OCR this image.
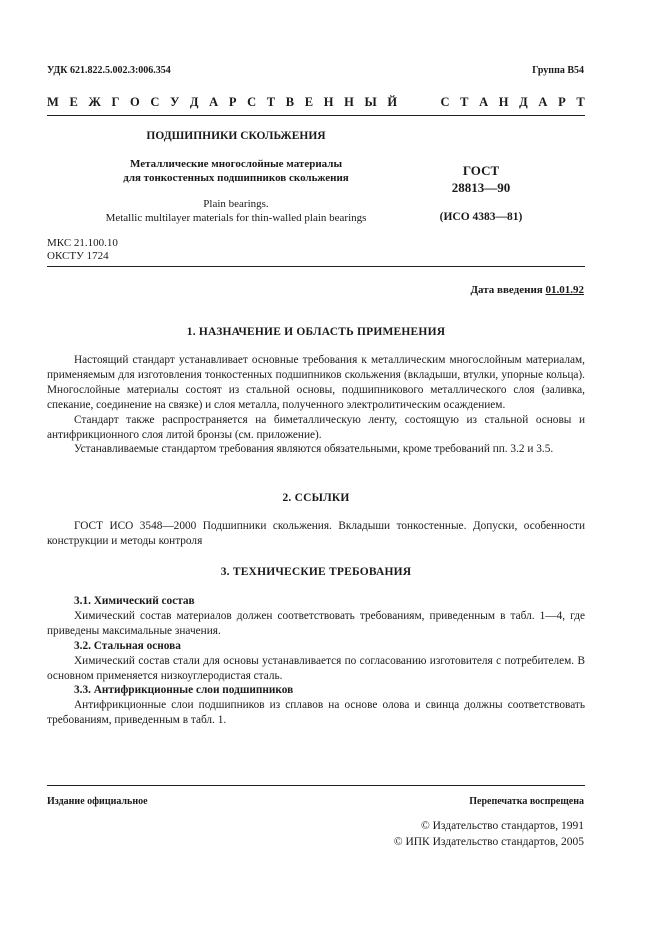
УДК 621.822.5.002.3:006.354	Группа В54
М Е Ж Г О С У Д А Р С Т В Е Н Н Ы Й	С Т А Н Д А Р Т
ПОДШИПНИКИ СКОЛЬЖЕНИЯ
Металлические многослойные материалы
для тонкостенных подшипников скольжения
Plain bearings.
Metallic multilayer materials for thin-walled plain bearings
ГОСТ
28813—90
(ИСО 4383—81)
МКС 21.100.10
ОКСТУ 1724
Дата введения 01.01.92
1. НАЗНАЧЕНИЕ И ОБЛАСТЬ ПРИМЕНЕНИЯ

Настоящий стандарт устанавливает основные требования к металлическим многослойным материалам, применяемым для изготовления тонкостенных подшипников скольжения (вкладыши, втулки, упорные кольца). Многослойные материалы состоят из стальной основы, подшипникового металлического слоя (заливка, спекание, соединение на связке) и слоя металла, полученного электролитическим осаждением.

Стандарт также распространяется на биметаллическую ленту, состоящую из стальной основы и антифрикционного слоя литой бронзы (см. приложение).

Устанавливаемые стандартом требования являются обязательными, кроме требований пп. 3.2 и 3.5.

2. ССЫЛКИ

ГОСТ ИСО 3548—2000 Подшипники скольжения. Вкладыши тонкостенные. Допуски, особенности конструкции и методы контроля

3. ТЕХНИЧЕСКИЕ ТРЕБОВАНИЯ

3.1. Химический состав

Химический состав материалов должен соответствовать требованиям, приведенным в табл. 1—4, где приведены максимальные значения.

3.2. Стальная основа

Химический состав стали для основы устанавливается по согласованию изготовителя с потребителем. В основном применяется низкоуглеродистая сталь.

3.3. Антифрикционные слои подшипников

Антифрикционные слои подшипников из сплавов на основе олова и свинца должны соответствовать требованиям, приведенным в табл. 1.

Издание официальное	Перепечатка воспрещена
© Издательство стандартов, 1991
© ИПК Издательство стандартов, 2005
